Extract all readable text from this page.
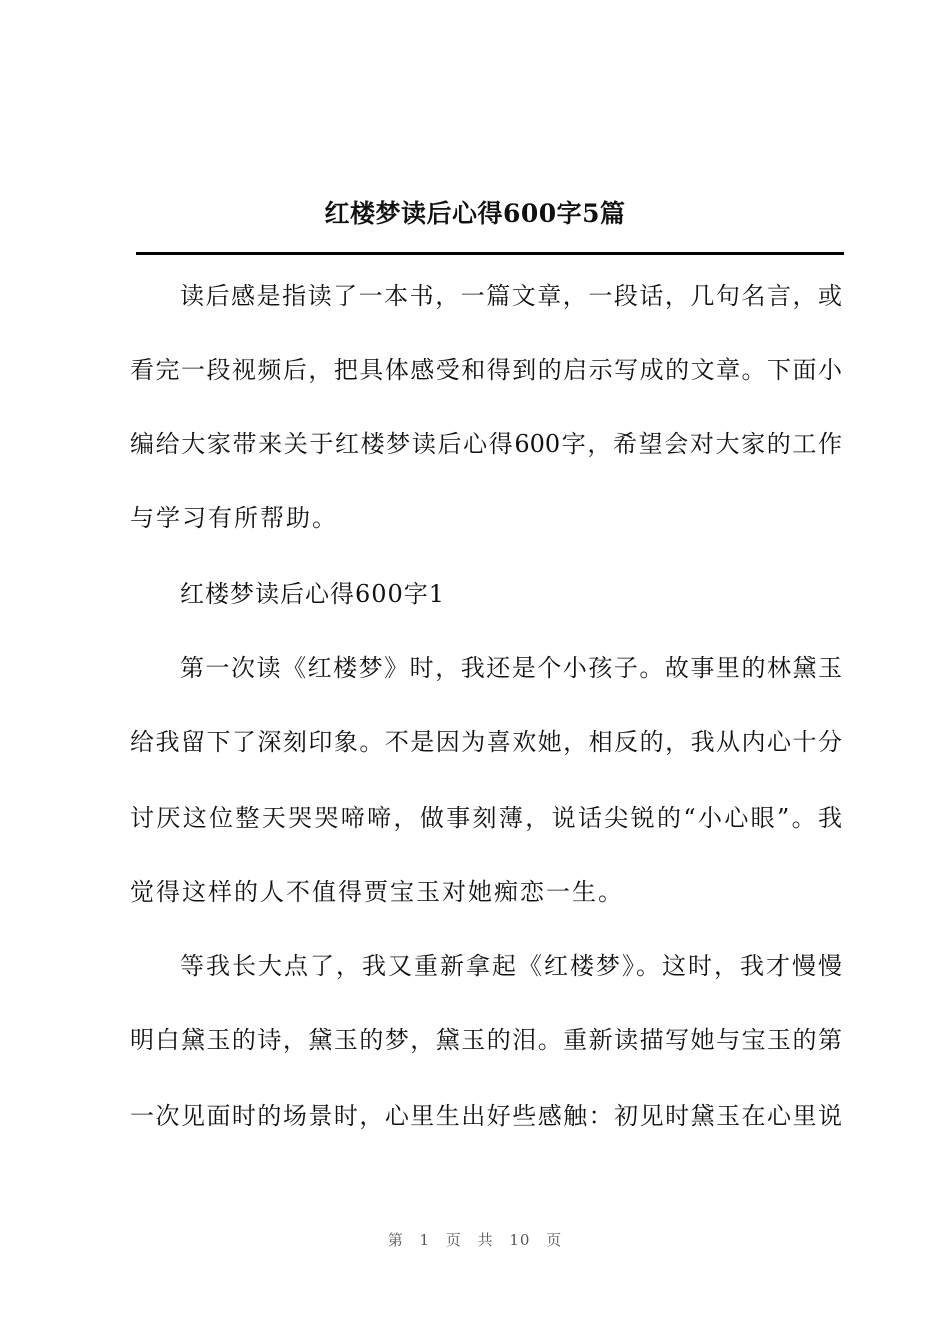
红楼梦读后心得600字5篇
读后感是指读了一本书，一篇文章，一段话，几句名言，或
看完一段视频后，把具体感受和得到的启示写成的文章。下面小
编给大家带来关于红楼梦读后心得600字，希望会对大家的工作
与学习有所帮助。
红楼梦读后心得600字1
第一次读《红楼梦》时，我还是个小孩子。故事里的林黛玉
给我留下了深刻印象。不是因为喜欢她，相反的，我从内心十分
讨厌这位整天哭哭啼啼，做事刻薄，说话尖锐的“小心眼”。我
觉得这样的人不值得贾宝玉对她痴恋一生。
等我长大点了，我又重新拿起《红楼梦》。这时，我才慢慢
明白黛玉的诗，黛玉的梦，黛玉的泪。重新读描写她与宝玉的第
一次见面时的场景时，心里生出好些感触：初见时黛玉在心里说
第 1 页 共 10 页
